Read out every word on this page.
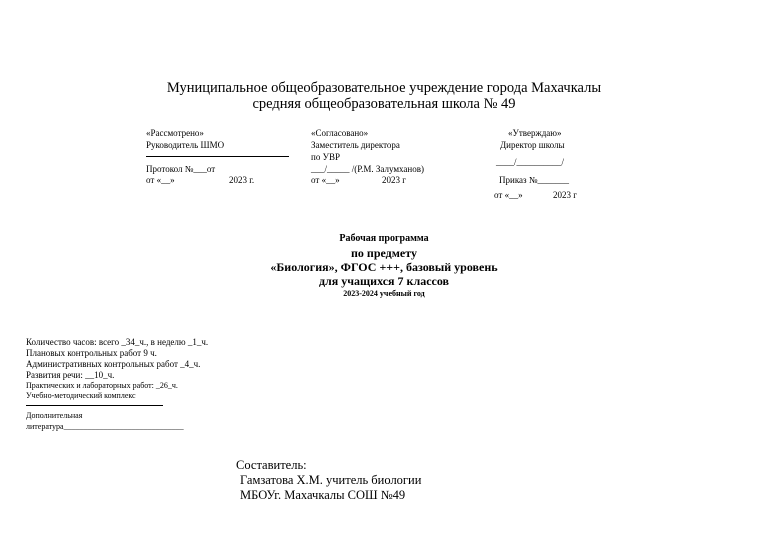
Муниципальное общеобразовательное учреждение города Махачкалы
средняя общеобразовательная школа № 49
«Рассмотрено»
Руководитель ШМО
Протокол №___от
от «__»	2023 г.
«Согласовано»
Заместитель директора
по УВР
___/_____ /(Р.М. Залумханов)
от «__»	2023 г
«Утверждаю»
Директор школы
____/__________/
Приказ №_______
от «__»	2023 г
Рабочая программа
по предмету
«Биология», ФГОС +++, базовый уровень
для учащихся 7 классов
2023-2024 учебный год
Количество часов: всего _34_ч., в неделю _1_ч.
Плановых контрольных работ 9 ч.
Административных контрольных работ _4_ч.
Развития речи: __10_ч.
Практических и лабораторных работ: _26_ч.
Учебно-методический комплекс
Дополнительная
литература______________________________
Составитель:
Гамзатова Х.М. учитель биологии
МБОУг. Махачкалы СОШ №49
